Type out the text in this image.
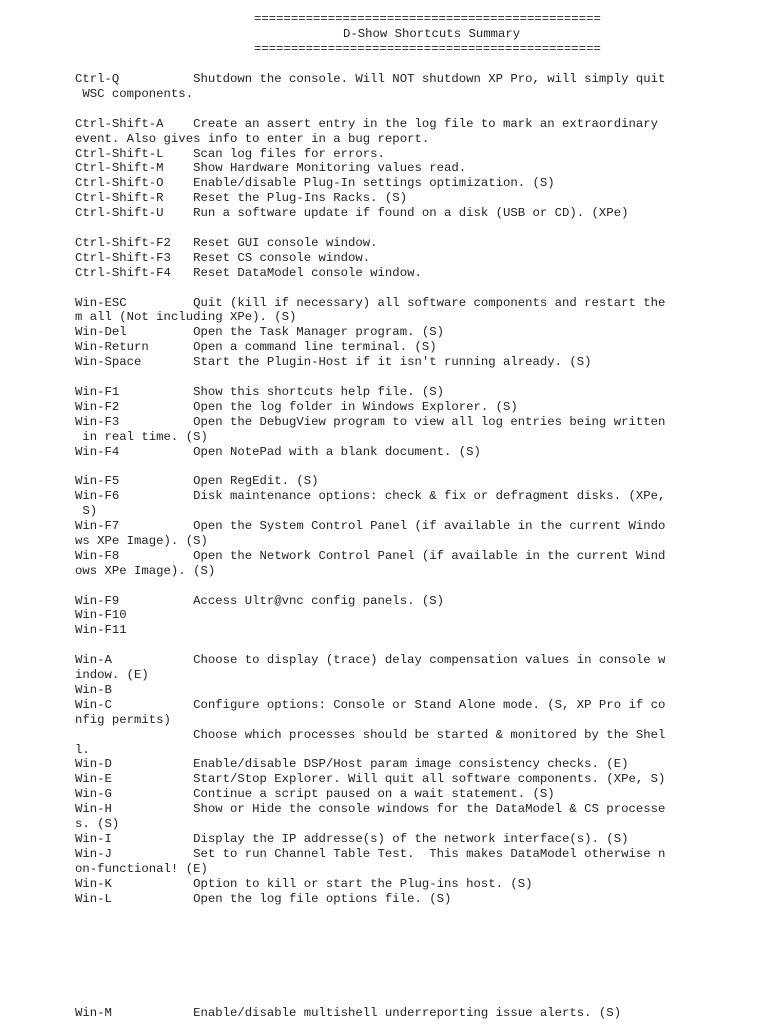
===============================================
D-Show Shortcuts Summary
===============================================
Ctrl-Q          Shutdown the console. Will NOT shutdown XP Pro, will simply quit
WSC components.
Ctrl-Shift-A    Create an assert entry in the log file to mark an extraordinary
event. Also gives info to enter in a bug report.
Ctrl-Shift-L    Scan log files for errors.
Ctrl-Shift-M    Show Hardware Monitoring values read.
Ctrl-Shift-O    Enable/disable Plug-In settings optimization. (S)
Ctrl-Shift-R    Reset the Plug-Ins Racks. (S)
Ctrl-Shift-U    Run a software update if found on a disk (USB or CD). (XPe)
Ctrl-Shift-F2   Reset GUI console window.
Ctrl-Shift-F3   Reset CS console window.
Ctrl-Shift-F4   Reset DataModel console window.
Win-ESC         Quit (kill if necessary) all software components and restart the
m all (Not including XPe). (S)
Win-Del         Open the Task Manager program. (S)
Win-Return      Open a command line terminal. (S)
Win-Space       Start the Plugin-Host if it isn't running already. (S)
Win-F1          Show this shortcuts help file. (S)
Win-F2          Open the log folder in Windows Explorer. (S)
Win-F3          Open the DebugView program to view all log entries being written
in real time. (S)
Win-F4          Open NotePad with a blank document. (S)
Win-F5          Open RegEdit. (S)
Win-F6          Disk maintenance options: check & fix or defragment disks. (XPe,
S)
Win-F7          Open the System Control Panel (if available in the current Windo
ws XPe Image). (S)
Win-F8          Open the Network Control Panel (if available in the current Wind
ows XPe Image). (S)
Win-F9          Access Ultr@vnc config panels. (S)
Win-F10
Win-F11
Win-A           Choose to display (trace) delay compensation values in console w
indow. (E)
Win-B
Win-C           Configure options: Console or Stand Alone mode. (S, XP Pro if co
nfig permits)
Choose which processes should be started & monitored by the Shel
l.
Win-D           Enable/disable DSP/Host param image consistency checks. (E)
Win-E           Start/Stop Explorer. Will quit all software components. (XPe, S)
Win-G           Continue a script paused on a wait statement. (S)
Win-H           Show or Hide the console windows for the DataModel & CS processe
s. (S)
Win-I           Display the IP addresse(s) of the network interface(s). (S)
Win-J           Set to run Channel Table Test.  This makes DataModel otherwise n
on-functional! (E)
Win-K           Option to kill or start the Plug-ins host. (S)
Win-L           Open the log file options file. (S)
Win-M           Enable/disable multishell underreporting issue alerts. (S)
